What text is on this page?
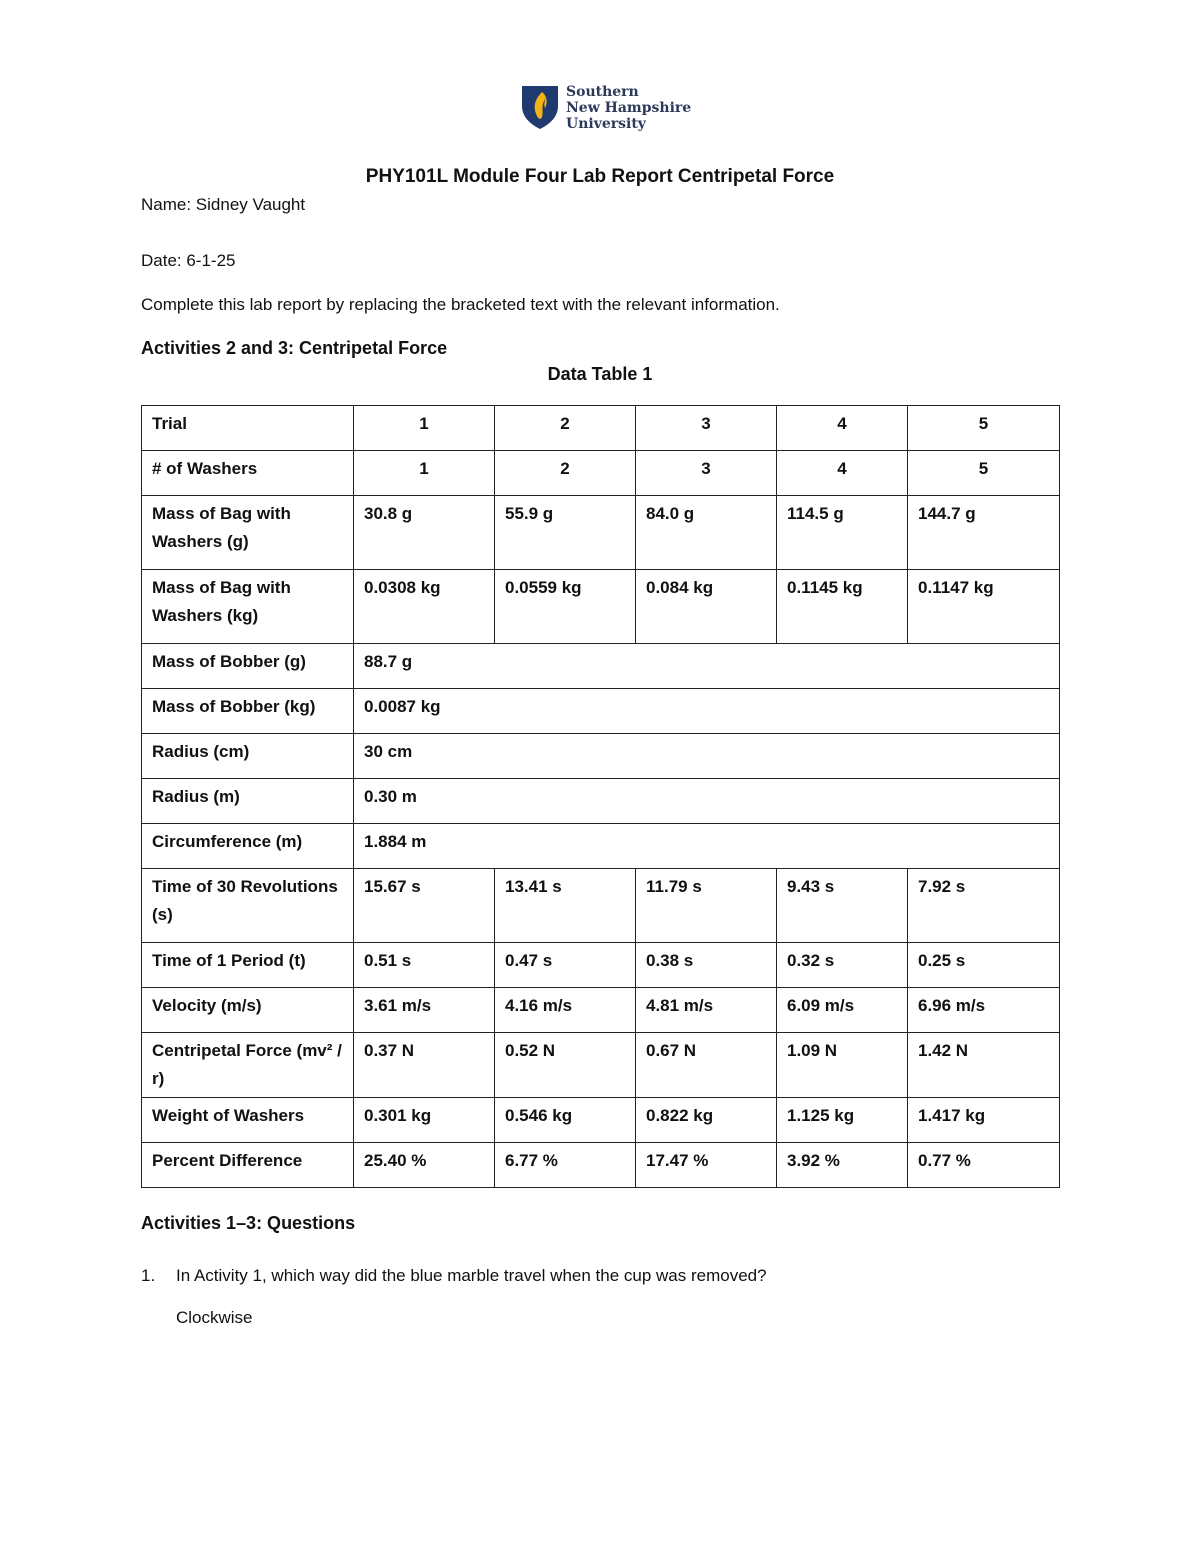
Southern
New Hampshire
University
PHY101L Module Four Lab Report Centripetal Force
Name: Sidney Vaught
Date: 6-1-25
Complete this lab report by replacing the bracketed text with the relevant information.
Activities 2 and 3: Centripetal Force
Data Table 1
Trial	1	2	3	4	5
# of Washers	1	2	3	4	5
Mass of Bag with Washers (g)	30.8 g	55.9 g	84.0 g	114.5 g	144.7 g
Mass of Bag with Washers (kg)	0.0308 kg	0.0559 kg	0.084 kg	0.1145 kg	0.1147 kg
Mass of Bobber (g)	88.7 g				
Mass of Bobber (kg)	0.0087 kg				
Radius (cm)	30 cm				
Radius (m)	0.30 m				
Circumference (m)	1.884 m				
Time of 30 Revolutions (s)	15.67 s	13.41 s	11.79 s	9.43 s	7.92 s
Time of 1 Period (t)	0.51 s	0.47 s	0.38 s	0.32 s	0.25 s
Velocity (m/s)	3.61 m/s	4.16 m/s	4.81 m/s	6.09 m/s	6.96 m/s
Centripetal Force (mv² / r)	0.37 N	0.52 N	0.67 N	1.09 N	1.42 N
Weight of Washers	0.301 kg	0.546 kg	0.822 kg	1.125 kg	1.417 kg
Percent Difference	25.40 %	6.77 %	17.47 %	3.92 %	0.77 %
Activities 1–3: Questions
1. In Activity 1, which way did the blue marble travel when the cup was removed?
Clockwise
